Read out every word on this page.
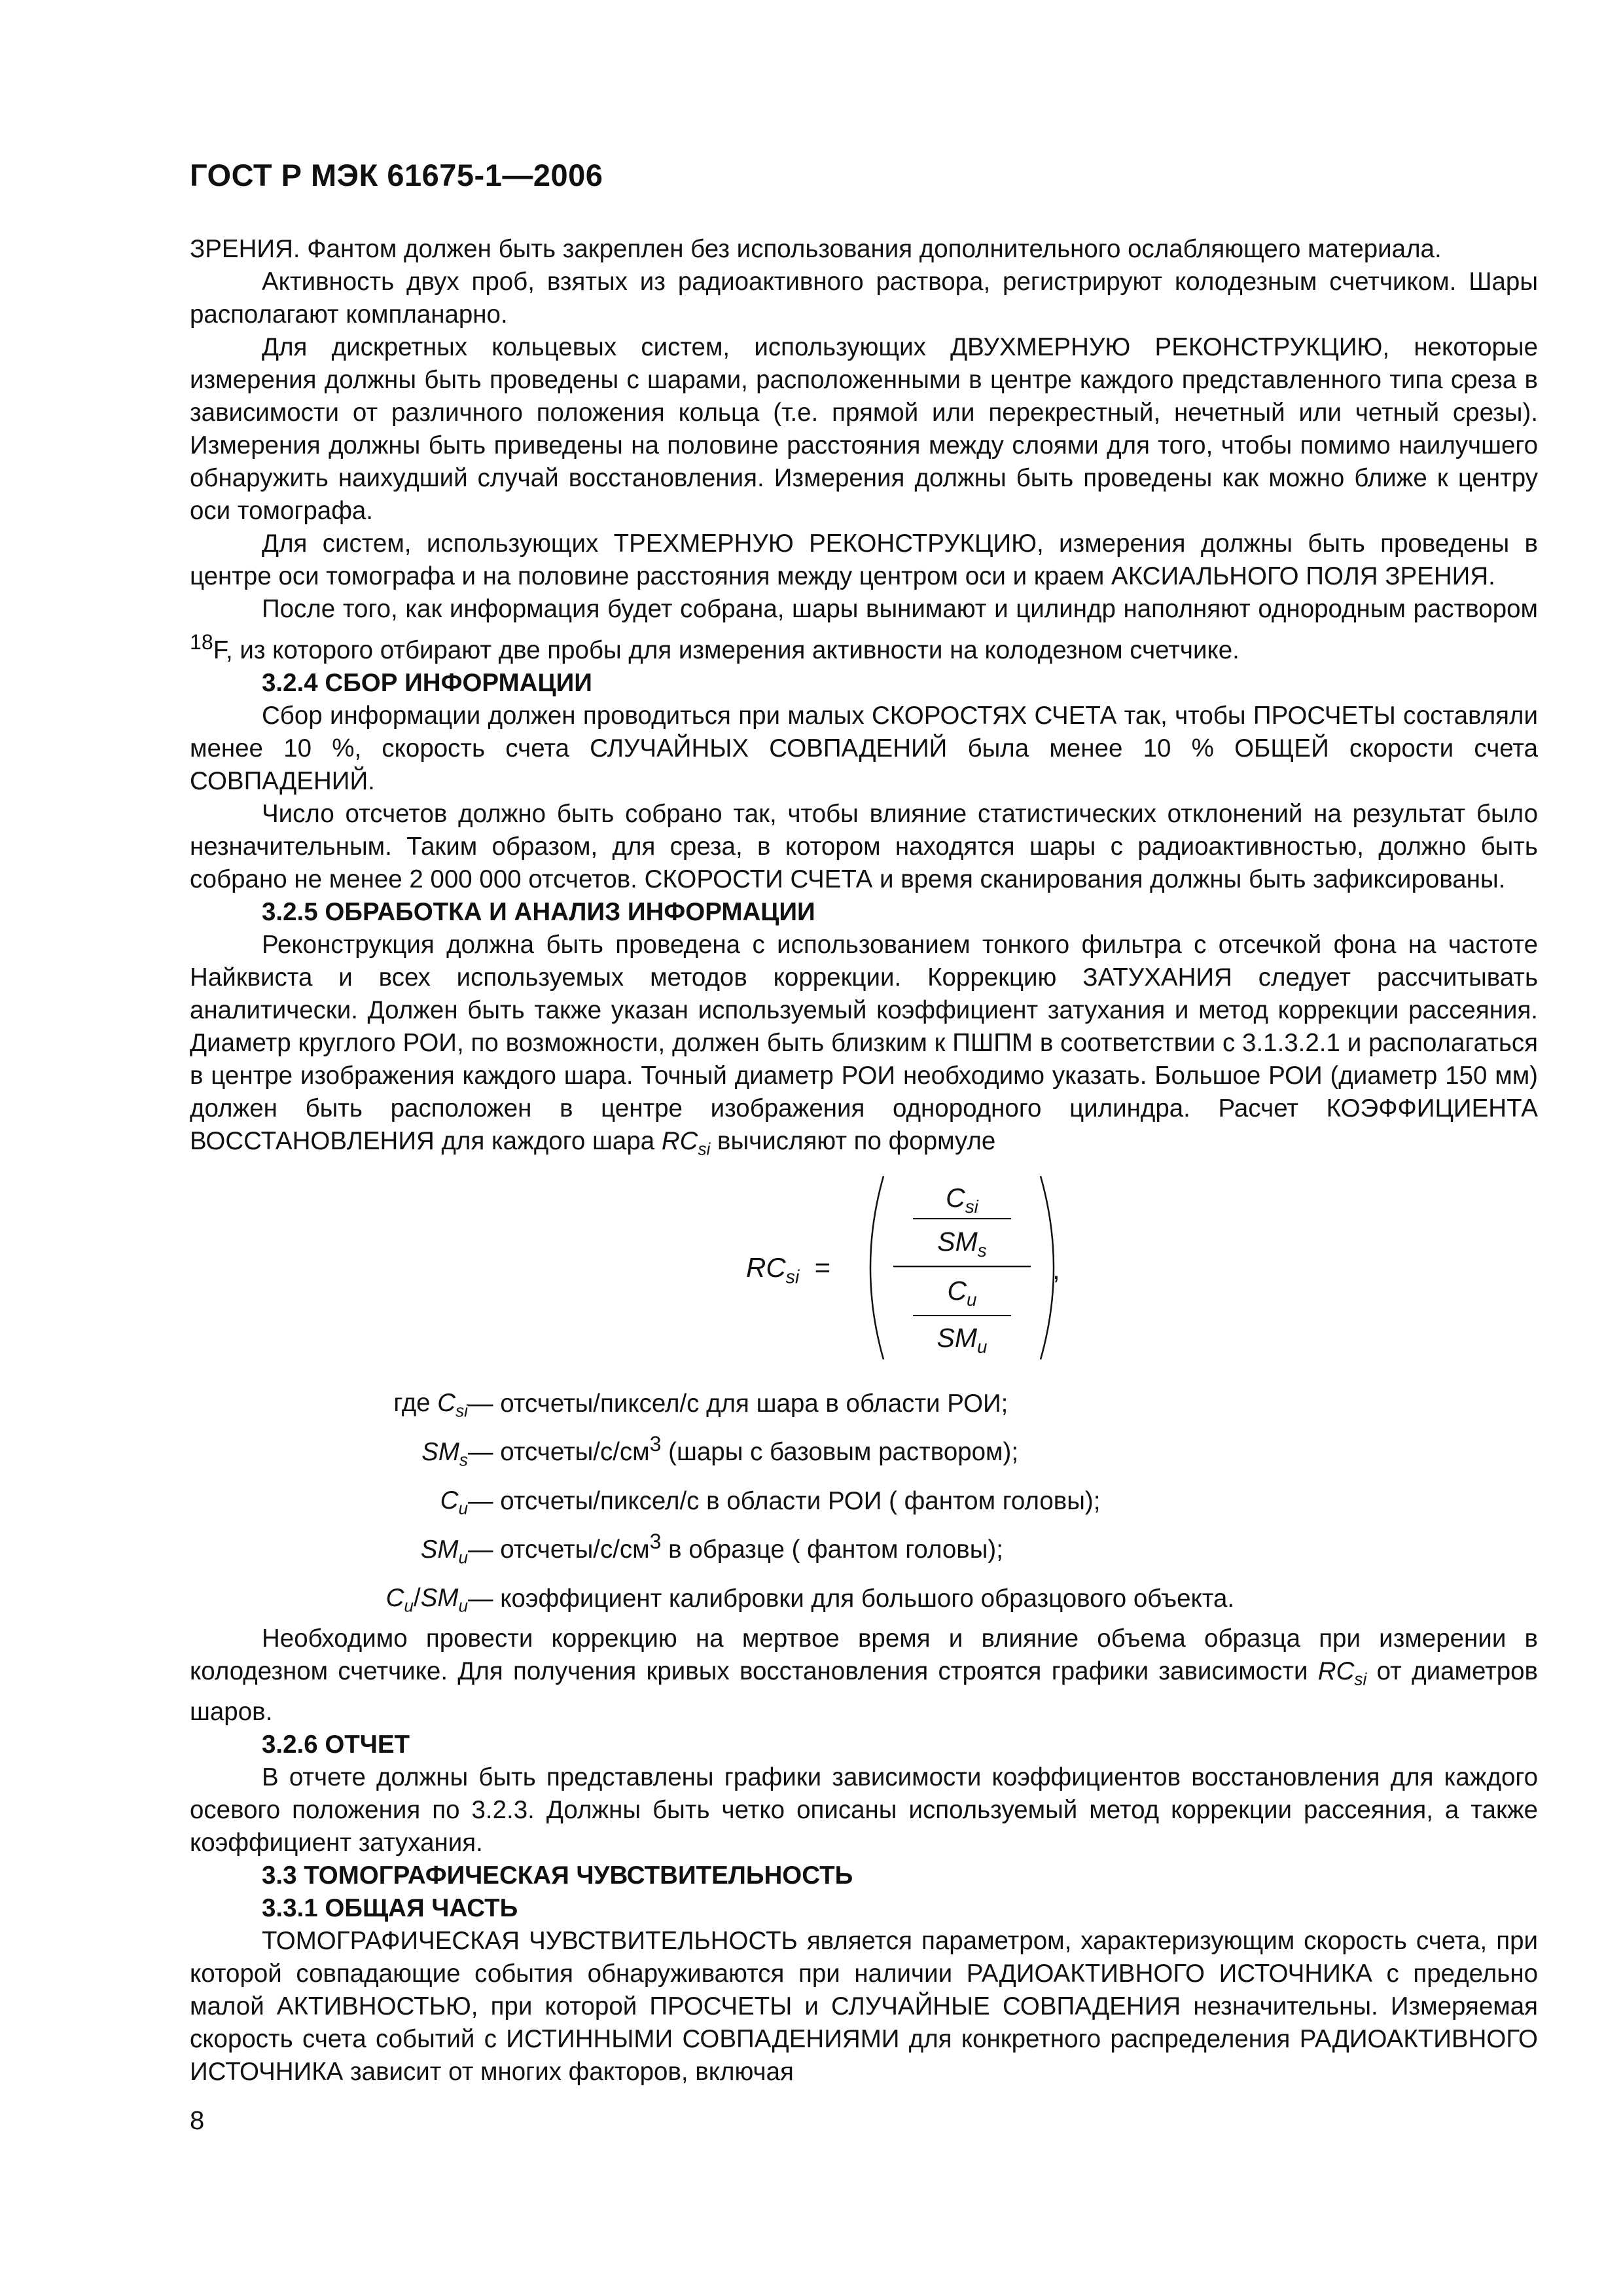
ГОСТ Р МЭК 61675-1—2006

ЗРЕНИЯ. Фантом должен быть закреплен без использования дополнительного ослабляющего материала.

Активность двух проб, взятых из радиоактивного раствора, регистрируют колодезным счетчиком. Шары располагают компланарно.

Для дискретных кольцевых систем, использующих ДВУХМЕРНУЮ РЕКОНСТРУКЦИЮ, некоторые измерения должны быть проведены с шарами, расположенными в центре каждого представленного типа среза в зависимости от различного положения кольца (т.е. прямой или перекрестный, нечетный или четный срезы). Измерения должны быть приведены на половине расстояния между слоями для того, чтобы помимо наилучшего обнаружить наихудший случай восстановления. Измерения должны быть проведены как можно ближе к центру оси томографа.

Для систем, использующих ТРЕХМЕРНУЮ РЕКОНСТРУКЦИЮ, измерения должны быть проведены в центре оси томографа и на половине расстояния между центром оси и краем АКСИАЛЬНОГО ПОЛЯ ЗРЕНИЯ.

После того, как информация будет собрана, шары вынимают и цилиндр наполняют однородным раствором $^{18}$F, из которого отбирают две пробы для измерения активности на колодезном счетчике.

3.2.4 СБОР ИНФОРМАЦИИ

Сбор информации должен проводиться при малых СКОРОСТЯХ СЧЕТА так, чтобы ПРОСЧЕТЫ составляли менее 10 %, скорость счета СЛУЧАЙНЫХ СОВПАДЕНИЙ была менее 10 % ОБЩЕЙ скорости счета СОВПАДЕНИЙ.

Число отсчетов должно быть собрано так, чтобы влияние статистических отклонений на результат было незначительным. Таким образом, для среза, в котором находятся шары с радиоактивностью, должно быть собрано не менее 2 000 000 отсчетов. СКОРОСТИ СЧЕТА и время сканирования должны быть зафиксированы.

3.2.5 ОБРАБОТКА И АНАЛИЗ ИНФОРМАЦИИ

Реконструкция должна быть проведена с использованием тонкого фильтра с отсечкой фона на частоте Найквиста и всех используемых методов коррекции. Коррекцию ЗАТУХАНИЯ следует рассчитывать аналитически. Должен быть также указан используемый коэффициент затухания и метод коррекции рассеяния. Диаметр круглого РОИ, по возможности, должен быть близким к ПШПМ в соответствии с 3.1.3.2.1 и располагаться в центре изображения каждого шара. Точный диаметр РОИ необходимо указать. Большое РОИ (диаметр 150 мм) должен быть расположен в центре изображения однородного цилиндра. Расчет КОЭФФИЦИЕНТА ВОССТАНОВЛЕНИЯ для каждого шара $RC_{si}$ вычисляют по формуле

$RC_{si}$ =
$C_{si}$
$SM_s$
$C_u$
$SM_u$
,
где $C_{si}$ — отсчеты/пиксел/с для шара в области РОИ;
$SM_s$ — отсчеты/$с/см^3$ (шары с базовым раствором);
$C_u$ — отсчеты/пиксел/с в области РОИ ( фантом головы);
$SM_u$ — отсчеты/$с/см^3$ в образце ( фантом головы);
$C_u/SM_u$ — коэффициент калибровки для большого образцового объекта.

Необходимо провести коррекцию на мертвое время и влияние объема образца при измерении в колодезном счетчике. Для получения кривых восстановления строятся графики зависимости $RC_{si}$ от диаметров шаров.

3.2.6 ОТЧЕТ

В отчете должны быть представлены графики зависимости коэффициентов восстановления для каждого осевого положения по 3.2.3. Должны быть четко описаны используемый метод коррекции рассеяния, а также коэффициент затухания.

3.3 ТОМОГРАФИЧЕСКАЯ ЧУВСТВИТЕЛЬНОСТЬ
3.3.1 ОБЩАЯ ЧАСТЬ

ТОМОГРАФИЧЕСКАЯ ЧУВСТВИТЕЛЬНОСТЬ является параметром, характеризующим скорость счета, при которой совпадающие события обнаруживаются при наличии РАДИОАКТИВНОГО ИСТОЧНИКА с предельно малой АКТИВНОСТЬЮ, при которой ПРОСЧЕТЫ и СЛУЧАЙНЫЕ СОВПАДЕНИЯ незначительны. Измеряемая скорость счета событий с ИСТИННЫМИ СОВПАДЕНИЯМИ для конкретного распределения РАДИОАКТИВНОГО ИСТОЧНИКА зависит от многих факторов, включая

8
